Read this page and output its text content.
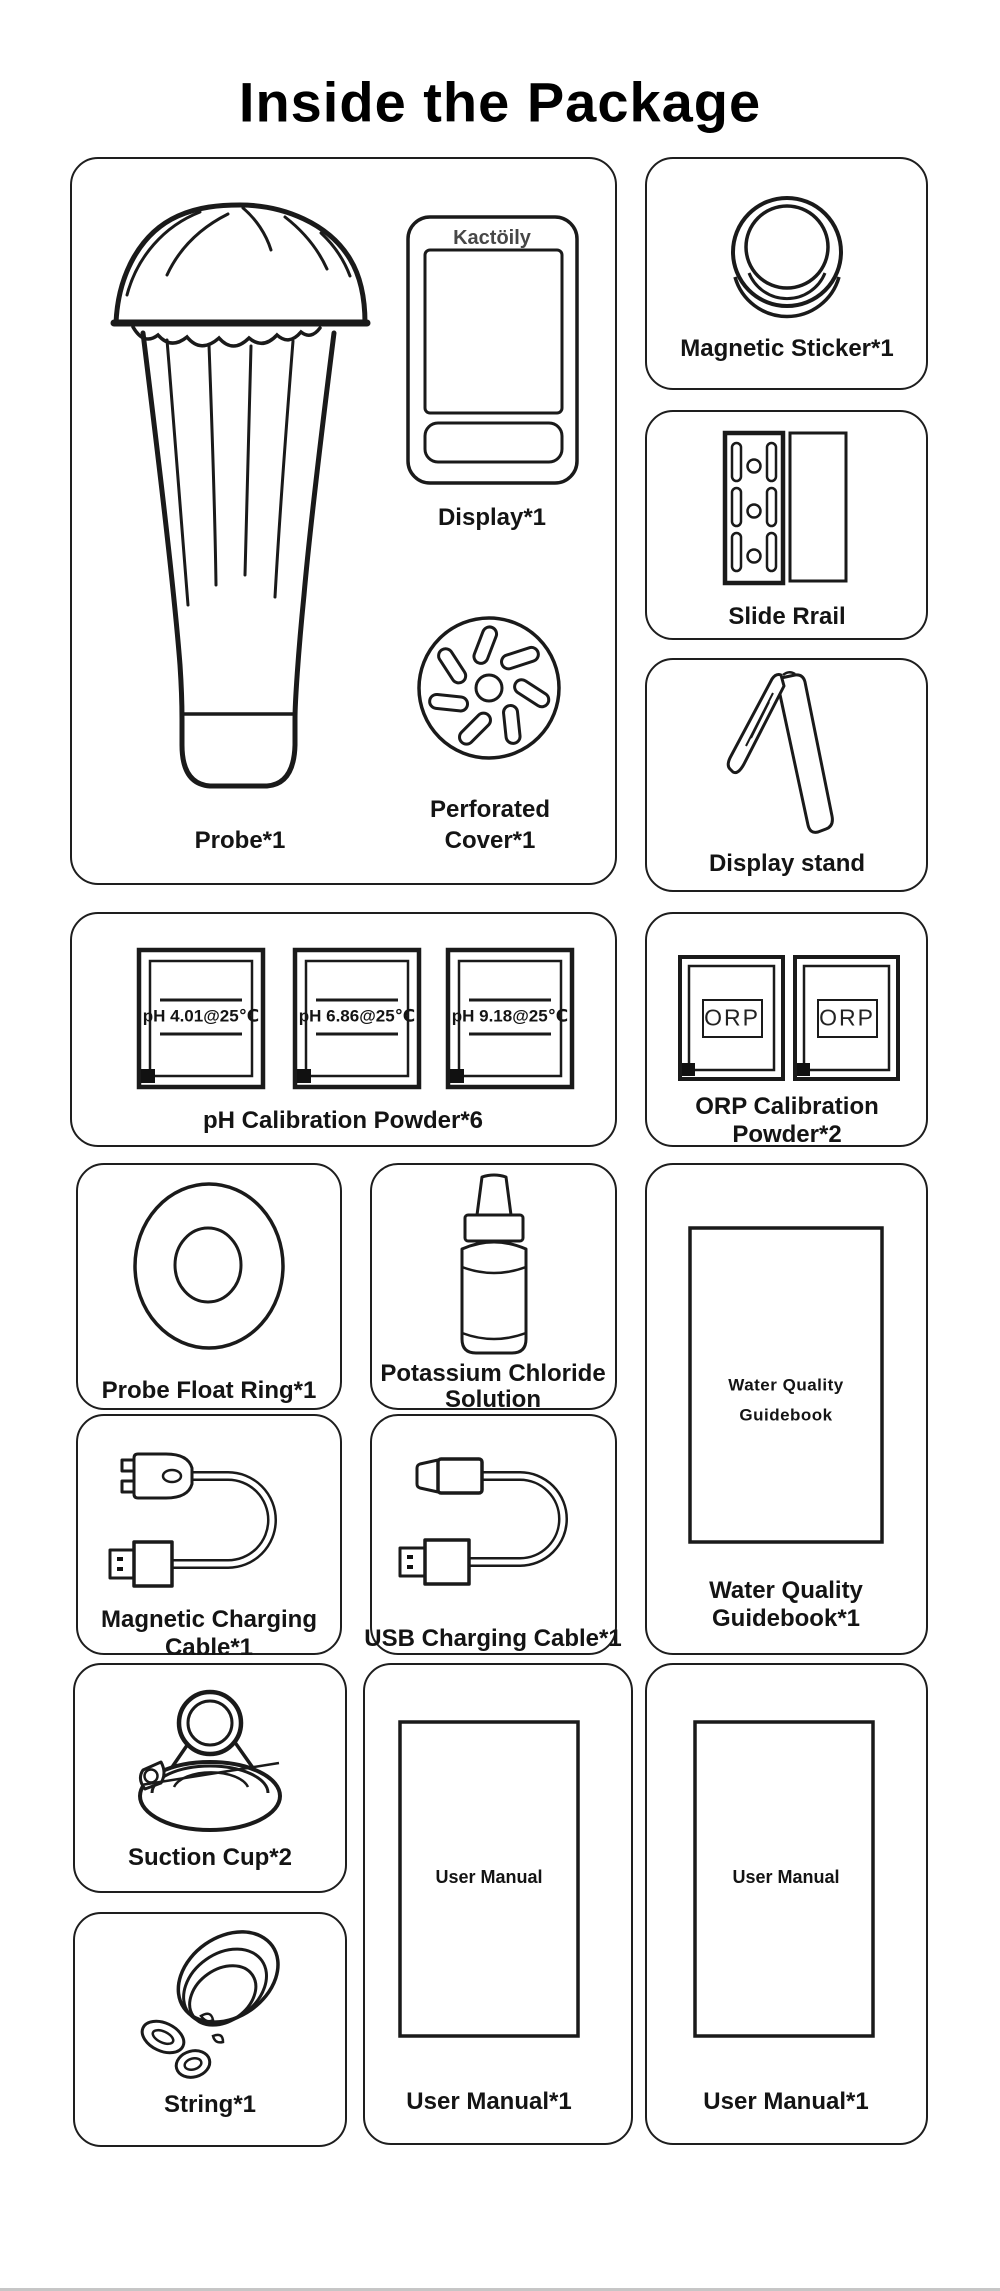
Inside the Package
Kactöily
Display*1
Perforated
Cover*1
Probe*1
Magnetic Sticker*1
Slide Rrail
Display stand
pH 4.01@25℃ pH 6.86@25℃ pH 9.18@25℃
pH Calibration Powder*6
ORP	ORP
ORP Calibration
Powder*2
Probe Float Ring*1
Potassium Chloride
Solution
Water Quality
Guidebook
Water Quality
Guidebook*1
Magnetic Charging
Cable*1	USB Charging Cable*1
Suction Cup*2
String*1
User Manual
User Manual*1
User Manual
User Manual*1
